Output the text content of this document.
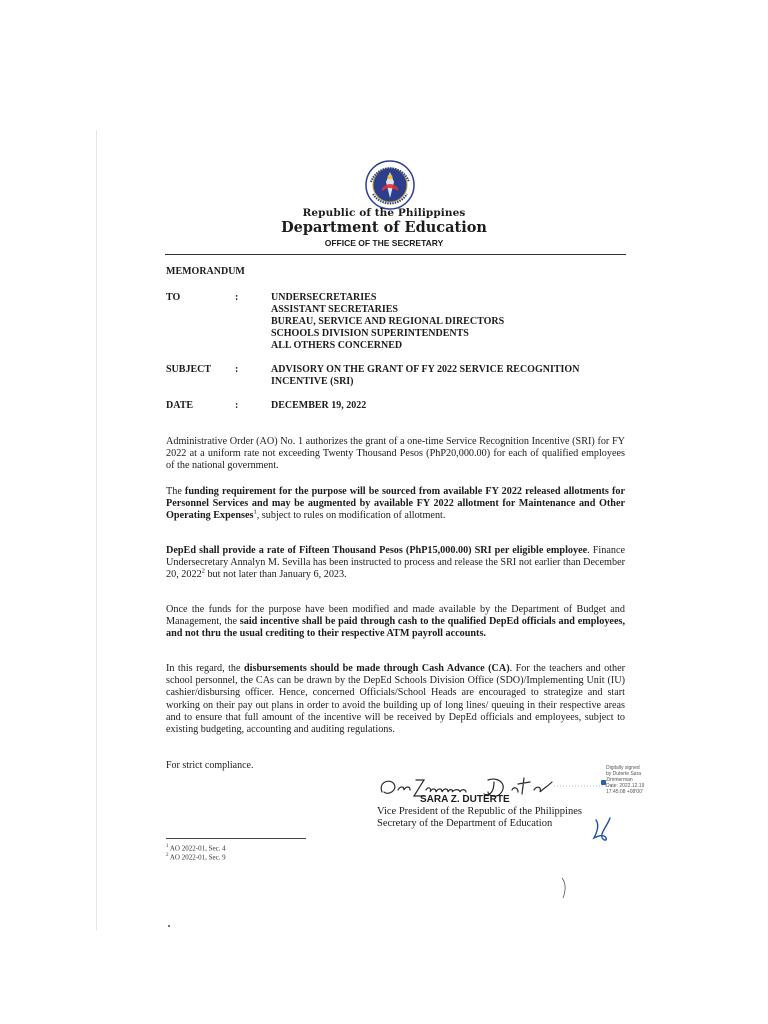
Republic of the Philippines
Department of Education
OFFICE OF THE SECRETARY
MEMORANDUM
TO	:	UNDERSECRETARIES
ASSISTANT SECRETARIES
BUREAU, SERVICE AND REGIONAL DIRECTORS
SCHOOLS DIVISION SUPERINTENDENTS
ALL OTHERS CONCERNED
SUBJECT :	ADVISORY ON THE GRANT OF FY 2022 SERVICE RECOGNITION INCENTIVE (SRI)
DATE	:	DECEMBER 19, 2022
Administrative Order (AO) No. 1 authorizes the grant of a one-time Service Recognition Incentive (SRI) for FY 2022 at a uniform rate not exceeding Twenty Thousand Pesos (PhP20,000.00) for each of qualified employees of the national government.
The funding requirement for the purpose will be sourced from available FY 2022 released allotments for Personnel Services and may be augmented by available FY 2022 allotment for Maintenance and Other Operating Expenses$^1$, subject to rules on modification of allotment.
DepEd shall provide a rate of Fifteen Thousand Pesos (PhP15,000.00) SRI per eligible employee. Finance Undersecretary Annalyn M. Sevilla has been instructed to process and release the SRI not earlier than December 20, 2022$^2$ but not later than January 6, 2023.
Once the funds for the purpose have been modified and made available by the Department of Budget and Management, the said incentive shall be paid through cash to the qualified DepEd officials and employees, and not thru the usual crediting to their respective ATM payroll accounts.
In this regard, the disbursements should be made through Cash Advance (CA). For the teachers and other school personnel, the CAs can be drawn by the DepEd Schools Division Office (SDO)/Implementing Unit (IU) cashier/disbursing officer. Hence, concerned Officials/School Heads are encouraged to strategize and start working on their pay out plans in order to avoid the building up of long lines/ queuing in their respective areas and to ensure that full amount of the incentive will be received by DepEd officials and employees, subject to existing budgeting, accounting and auditing regulations.
For strict compliance.	Digitally signed
by Duterte Sara
Zimmerman
Date: 2022.12.19
17:45:08 +08'00'
SARA Z. DUTERTE
Vice President of the Republic of the Philippines
Secretary of the Department of Education
$^1$ AO 2022-01, Sec. 4
$^2$ AO 2022-01, Sec. 9
